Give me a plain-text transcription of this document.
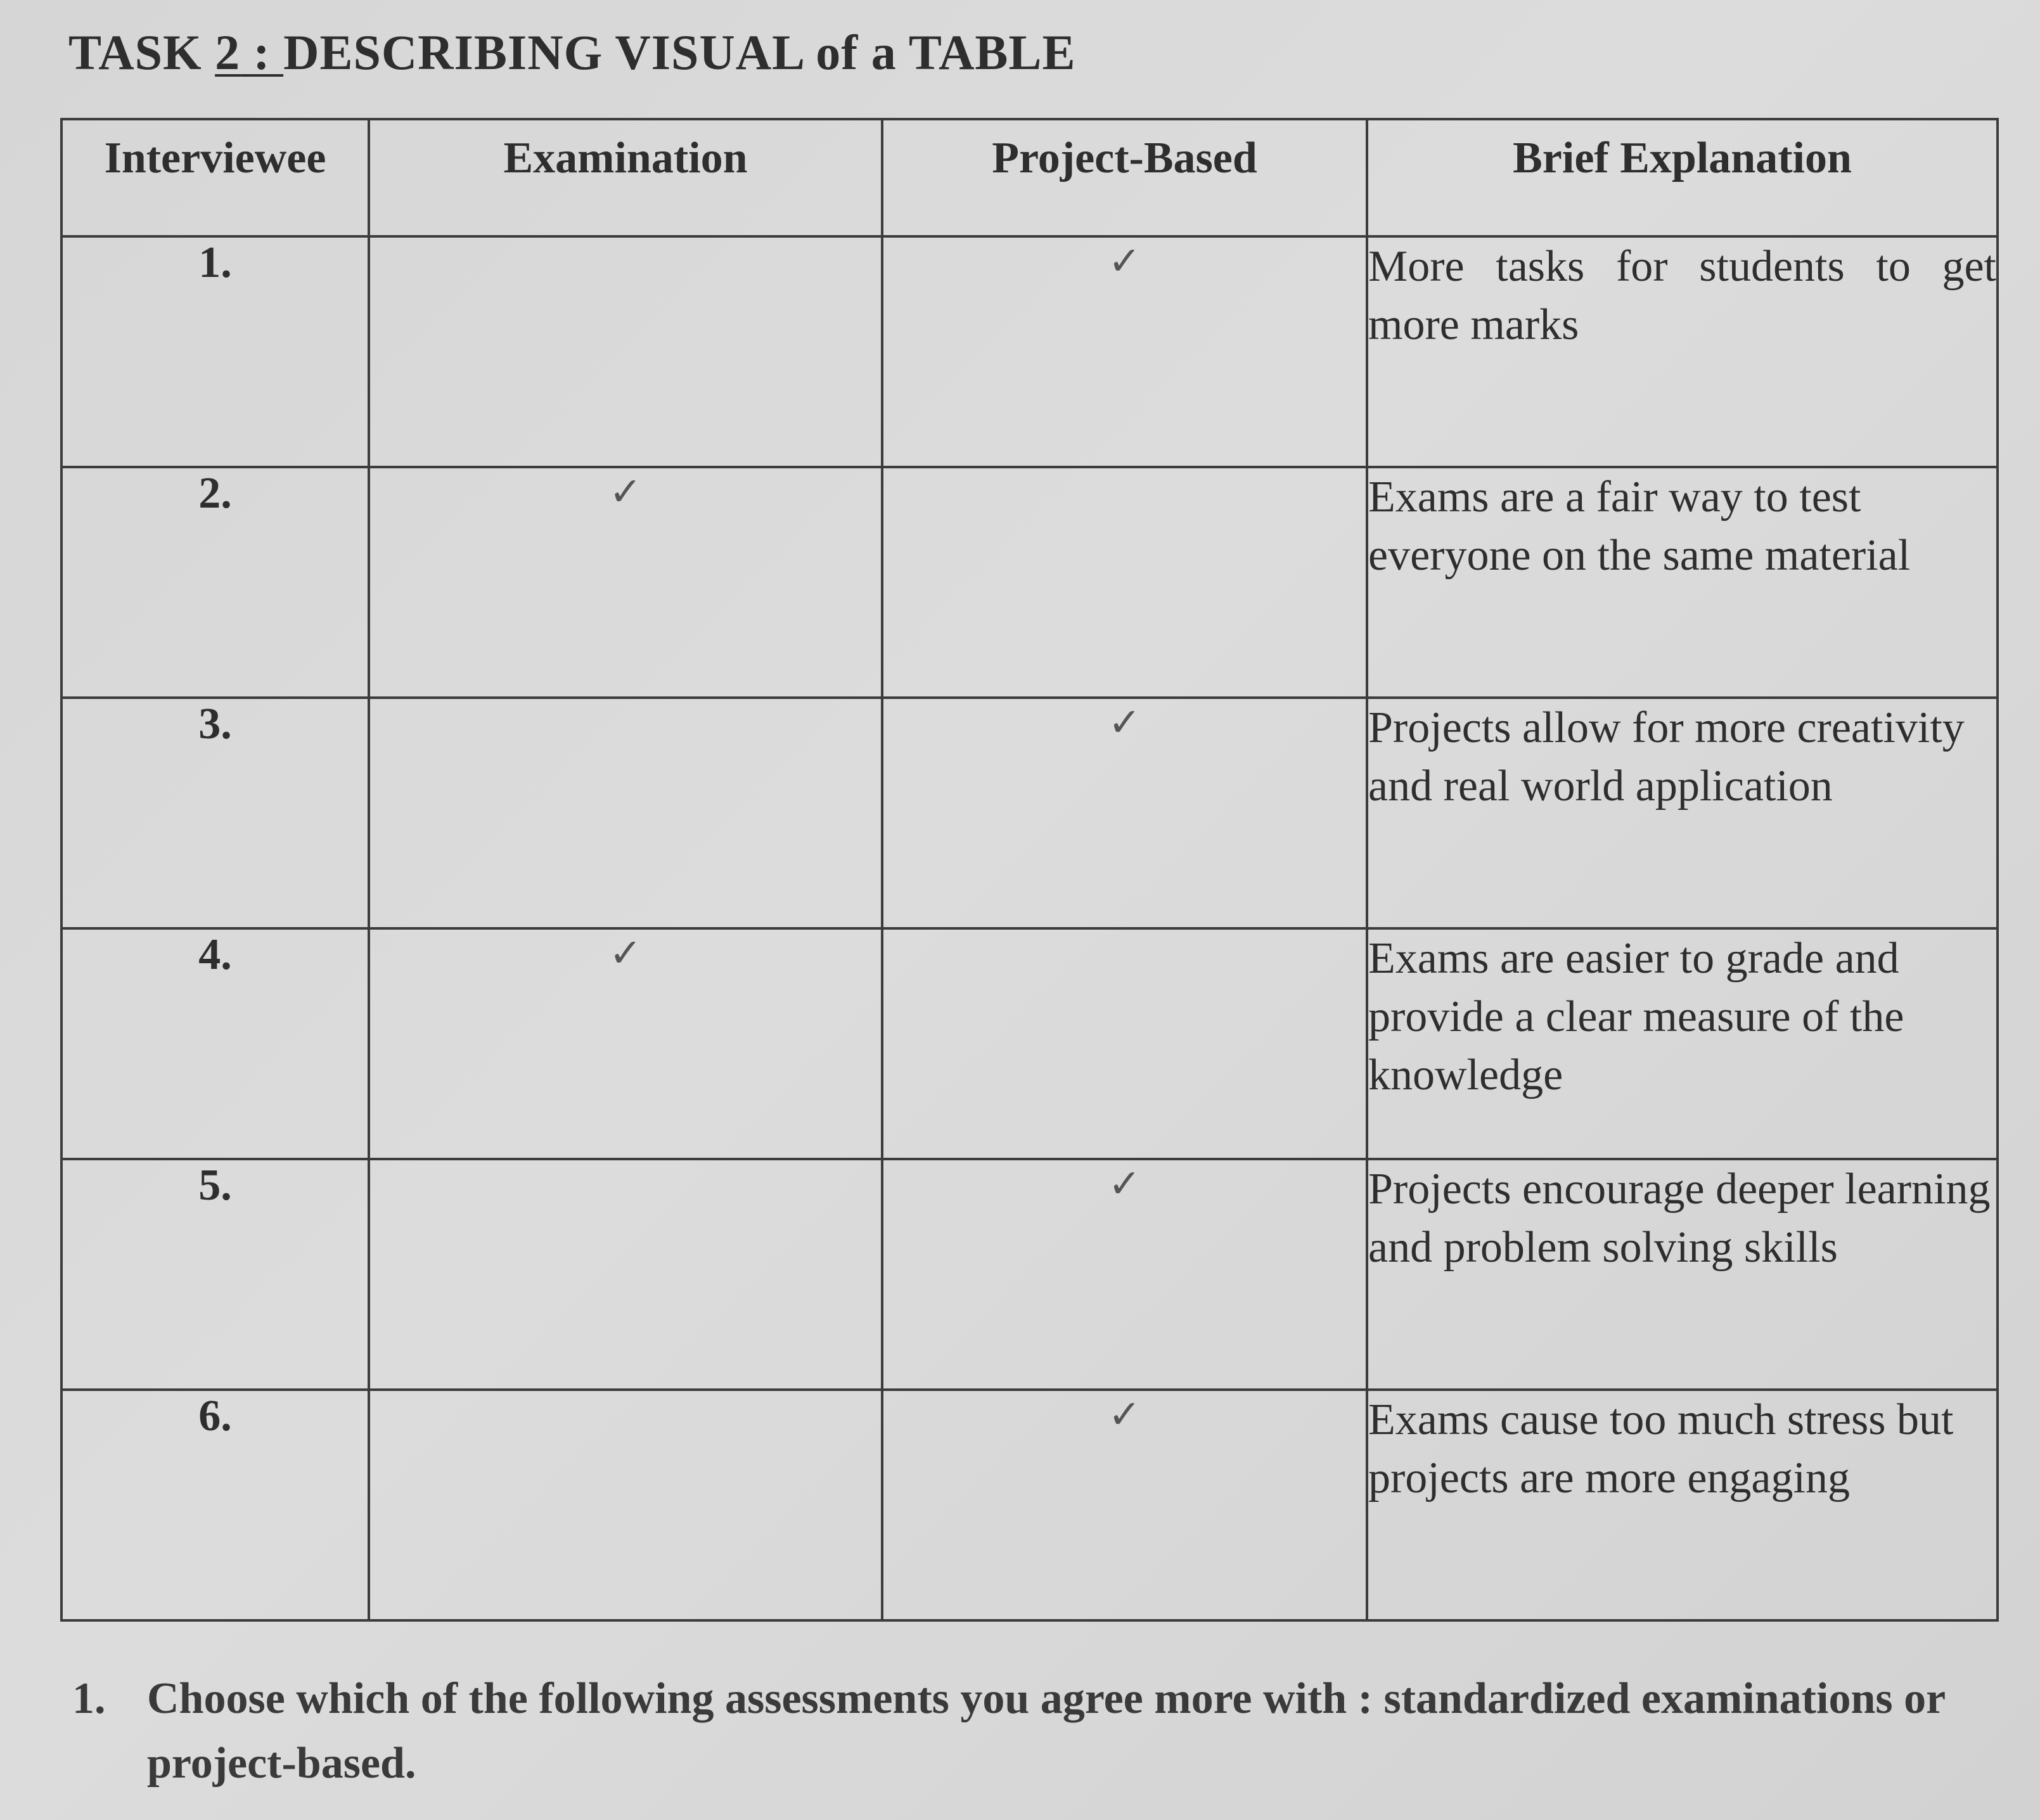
TASK 2 : DESCRIBING VISUAL of a TABLE
Interviewee	Examination	Project-Based	Brief Explanation
1.		✓	More tasks for students to get more marks
2.	✓		Exams are a fair way to test everyone on the same material
3.		✓	Projects allow for more creativity and real world application
4.	✓		Exams are easier to grade and provide a clear measure of the knowledge
5.		✓	Projects encourage deeper learning and problem solving skills
6.		✓	Exams cause too much stress but projects are more engaging

1. Choose which of the following assessments you agree more with : standardized examinations or project-based.
